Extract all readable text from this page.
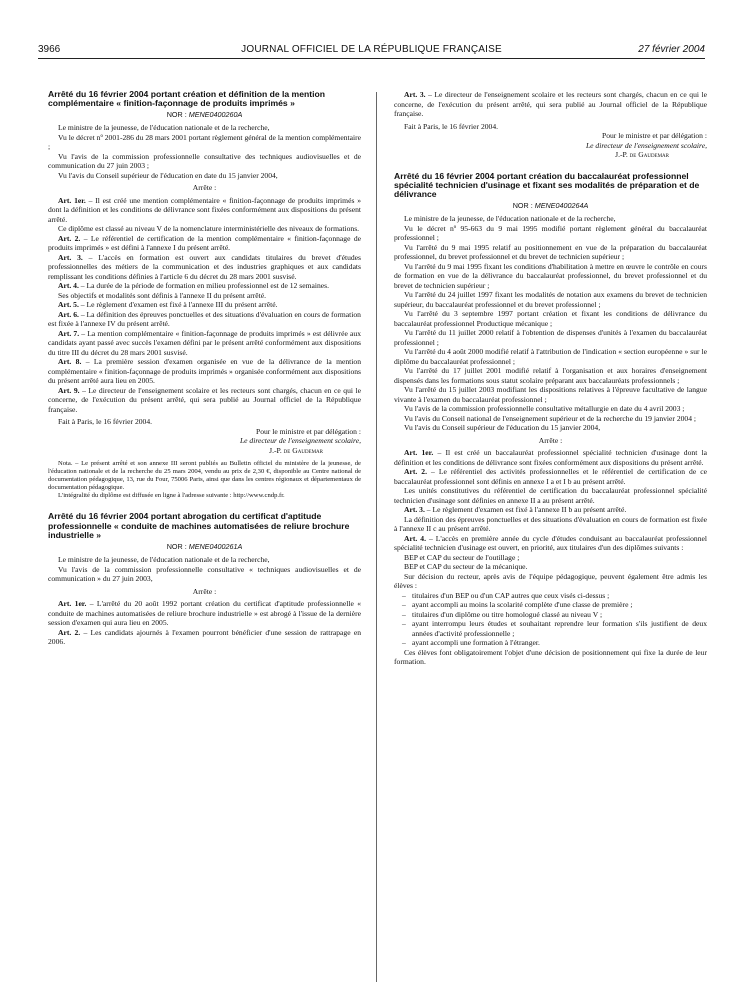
3966	JOURNAL OFFICIEL DE LA RÉPUBLIQUE FRANÇAISE	27 février 2004
Arrêté du 16 février 2004 portant création et définition de la mention complémentaire « finition-façonnage de produits imprimés »
NOR : MENE0400260A

Le ministre de la jeunesse, de l'éducation nationale et de la recherche,

Vu le décret nº 2001-286 du 28 mars 2001 portant règlement général de la mention complémentaire ;

Vu l'avis de la commission professionnelle consultative des techniques audiovisuelles et de communication du 27 juin 2003 ;

Vu l'avis du Conseil supérieur de l'éducation en date du 15 janvier 2004,

Arrête :

Art. 1er. – Il est créé une mention complémentaire « finition-façonnage de produits imprimés » dont la définition et les conditions de délivrance sont fixées conformément aux dispositions du présent arrêté.

Ce diplôme est classé au niveau V de la nomenclature interministérielle des niveaux de formations.

Art. 2. – Le référentiel de certification de la mention complémentaire « finition-façonnage de produits imprimés » est défini à l'annexe I du présent arrêté.

Art. 3. – L'accès en formation est ouvert aux candidats titulaires du brevet d'études professionnelles des métiers de la communication et des industries graphiques et aux candidats remplissant les conditions définies à l'article 6 du décret du 28 mars 2001 susvisé.

Art. 4. – La durée de la période de formation en milieu professionnel est de 12 semaines.

Ses objectifs et modalités sont définis à l'annexe II du présent arrêté.

Art. 5. – Le règlement d'examen est fixé à l'annexe III du présent arrêté.

Art. 6. – La définition des épreuves ponctuelles et des situations d'évaluation en cours de formation est fixée à l'annexe IV du présent arrêté.

Art. 7. – La mention complémentaire « finition-façonnage de produits imprimés » est délivrée aux candidats ayant passé avec succès l'examen défini par le présent arrêté conformément aux dispositions du titre III du décret du 28 mars 2001 susvisé.

Art. 8. – La première session d'examen organisée en vue de la délivrance de la mention complémentaire « finition-façonnage de produits imprimés » organisée conformément aux dispositions du présent arrêté aura lieu en 2005.

Art. 9. – Le directeur de l'enseignement scolaire et les recteurs sont chargés, chacun en ce qui le concerne, de l'exécution du présent arrêté, qui sera publié au Journal officiel de la République française.

Fait à Paris, le 16 février 2004.

Pour le ministre et par délégation :

Le directeur de l'enseignement scolaire,

J.-P. de Gaudemar

Nota. – Le présent arrêté et son annexe III seront publiés au Bulletin officiel du ministère de la jeunesse, de l'éducation nationale et de la recherche du 25 mars 2004, vendu au prix de 2,30 €, disponible au Centre national de documentation pédagogique, 13, rue du Four, 75006 Paris, ainsi que dans les centres régionaux et départementaux de documentation pédagogique.

L'intégralité du diplôme est diffusée en ligne à l'adresse suivante : http://www.cndp.fr.

Arrêté du 16 février 2004 portant abrogation du certificat d'aptitude professionnelle « conduite de machines automatisées de reliure brochure industrielle »
NOR : MENE0400261A

Le ministre de la jeunesse, de l'éducation nationale et de la recherche,

Vu l'avis de la commission professionnelle consultative « techniques audiovisuelles et de communication » du 27 juin 2003,

Arrête :

Art. 1er. – L'arrêté du 20 août 1992 portant création du certificat d'aptitude professionnelle « conduite de machines automatisées de reliure brochure industrielle » est abrogé à l'issue de la dernière session d'examen qui aura lieu en 2005.

Art. 2. – Les candidats ajournés à l'examen pourront bénéficier d'une session de rattrapage en 2006.

Art. 3. – Le directeur de l'enseignement scolaire et les recteurs sont chargés, chacun en ce qui le concerne, de l'exécution du présent arrêté, qui sera publié au Journal officiel de la République française.

Fait à Paris, le 16 février 2004.

Pour le ministre et par délégation :

Le directeur de l'enseignement scolaire,

J.-P. de Gaudemar

Arrêté du 16 février 2004 portant création du baccalauréat professionnel spécialité technicien d'usinage et fixant ses modalités de préparation et de délivrance
NOR : MENE0400264A

Le ministre de la jeunesse, de l'éducation nationale et de la recherche,

Vu le décret nº 95-663 du 9 mai 1995 modifié portant règlement général du baccalauréat professionnel ;

Vu l'arrêté du 9 mai 1995 relatif au positionnement en vue de la préparation du baccalauréat professionnel, du brevet professionnel et du brevet de technicien supérieur ;

Vu l'arrêté du 9 mai 1995 fixant les conditions d'habilitation à mettre en œuvre le contrôle en cours de formation en vue de la délivrance du baccalauréat professionnel, du brevet professionnel et du brevet de technicien supérieur ;

Vu l'arrêté du 24 juillet 1997 fixant les modalités de notation aux examens du brevet de technicien supérieur, du baccalauréat professionnel et du brevet professionnel ;

Vu l'arrêté du 3 septembre 1997 portant création et fixant les conditions de délivrance du baccalauréat professionnel Productique mécanique ;

Vu l'arrêté du 11 juillet 2000 relatif à l'obtention de dispenses d'unités à l'examen du baccalauréat professionnel ;

Vu l'arrêté du 4 août 2000 modifié relatif à l'attribution de l'indication « section européenne » sur le diplôme du baccalauréat professionnel ;

Vu l'arrêté du 17 juillet 2001 modifié relatif à l'organisation et aux horaires d'enseignement dispensés dans les formations sous statut scolaire préparant aux baccalauréats professionnels ;

Vu l'arrêté du 15 juillet 2003 modifiant les dispositions relatives à l'épreuve facultative de langue vivante à l'examen du baccalauréat professionnel ;

Vu l'avis de la commission professionnelle consultative métallurgie en date du 4 avril 2003 ;

Vu l'avis du Conseil national de l'enseignement supérieur et de la recherche du 19 janvier 2004 ;

Vu l'avis du Conseil supérieur de l'éducation du 15 janvier 2004,

Arrête :

Art. 1er. – Il est créé un baccalauréat professionnel spécialité technicien d'usinage dont la définition et les conditions de délivrance sont fixées conformément aux dispositions du présent arrêté.

Art. 2. – Le référentiel des activités professionnelles et le référentiel de certification de ce baccalauréat professionnel sont définis en annexe I a et I b au présent arrêté.

Les unités constitutives du référentiel de certification du baccalauréat professionnel spécialité technicien d'usinage sont définies en annexe II a au présent arrêté.

Art. 3. – Le règlement d'examen est fixé à l'annexe II b au présent arrêté.

La définition des épreuves ponctuelles et des situations d'évaluation en cours de formation est fixée à l'annexe II c au présent arrêté.

Art. 4. – L'accès en première année du cycle d'études conduisant au baccalauréat professionnel spécialité technicien d'usinage est ouvert, en priorité, aux titulaires d'un des diplômes suivants :

BEP et CAP du secteur de l'outillage ;

BEP et CAP du secteur de la mécanique.

Sur décision du recteur, après avis de l'équipe pédagogique, peuvent également être admis les élèves :

– titulaires d'un BEP ou d'un CAP autres que ceux visés ci-dessus ;

– ayant accompli au moins la scolarité complète d'une classe de première ;

– titulaires d'un diplôme ou titre homologué classé au niveau V ;

– ayant interrompu leurs études et souhaitant reprendre leur formation s'ils justifient de deux années d'activité professionnelle ;

– ayant accompli une formation à l'étranger.

Ces élèves font obligatoirement l'objet d'une décision de positionnement qui fixe la durée de leur formation.
